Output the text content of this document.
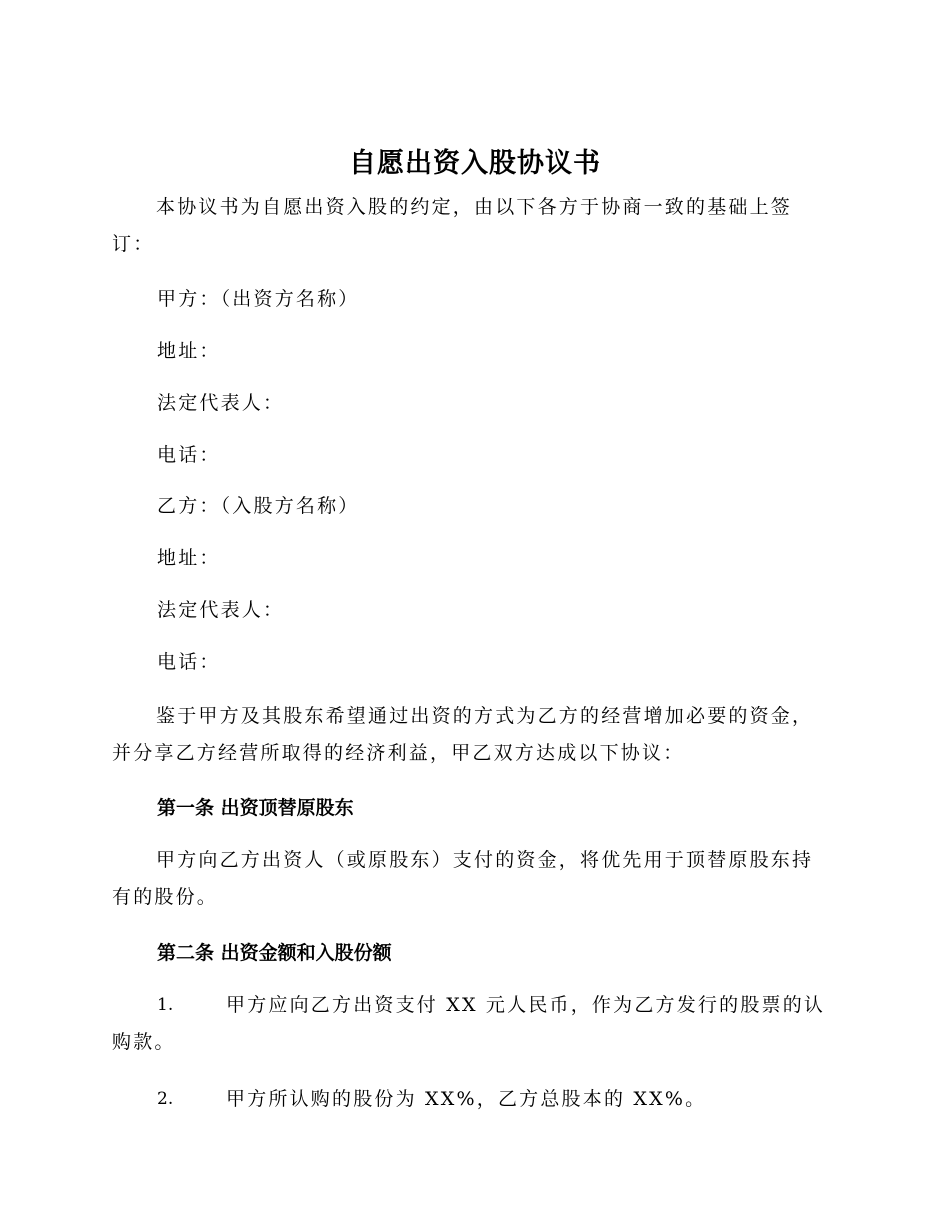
自愿出资入股协议书
本协议书为自愿出资入股的约定，由以下各方于协商一致的基础上签
订：
甲方：（出资方名称）
地址：
法定代表人：
电话：
乙方：（入股方名称）
地址：
法定代表人：
电话：
鉴于甲方及其股东希望通过出资的方式为乙方的经营增加必要的资金，
并分享乙方经营所取得的经济利益，甲乙双方达成以下协议：
第一条 出资顶替原股东
甲方向乙方出资人（或原股东）支付的资金，将优先用于顶替原股东持
有的股份。
第二条 出资金额和入股份额
1.	甲方应向乙方出资支付 XX 元人民币，作为乙方发行的股票的认
购款。
2.	甲方所认购的股份为 XX%，乙方总股本的 XX%。
